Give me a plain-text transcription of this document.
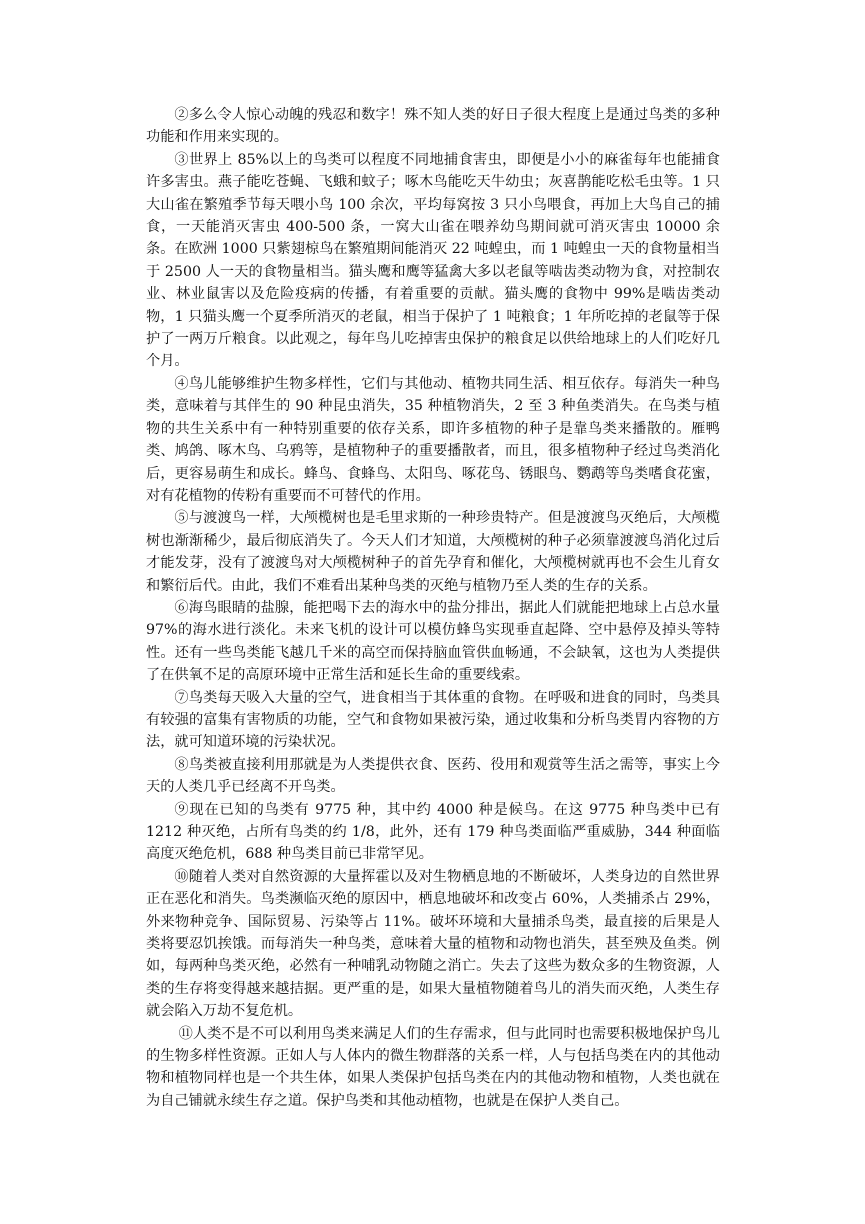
②多么令人惊心动魄的残忍和数字！殊不知人类的好日子很大程度上是通过鸟类的多种功能和作用来实现的。

③世界上 85%以上的鸟类可以程度不同地捕食害虫，即便是小小的麻雀每年也能捕食许多害虫。燕子能吃苍蝇、飞蛾和蚊子；啄木鸟能吃天牛幼虫；灰喜鹊能吃松毛虫等。1 只大山雀在繁殖季节每天喂小鸟 100 余次，平均每窝按 3 只小鸟喂食，再加上大鸟自己的捕食，一天能消灭害虫 400-500 条，一窝大山雀在喂养幼鸟期间就可消灭害虫 10000 余条。在欧洲 1000 只紫翅椋鸟在繁殖期间能消灭 22 吨蝗虫，而 1 吨蝗虫一天的食物量相当于 2500 人一天的食物量相当。猫头鹰和鹰等猛禽大多以老鼠等啮齿类动物为食，对控制农业、林业鼠害以及危险疫病的传播，有着重要的贡献。猫头鹰的食物中 99%是啮齿类动物，1 只猫头鹰一个夏季所消灭的老鼠，相当于保护了 1 吨粮食；1 年所吃掉的老鼠等于保护了一两万斤粮食。以此观之，每年鸟儿吃掉害虫保护的粮食足以供给地球上的人们吃好几个月。

④鸟儿能够维护生物多样性，它们与其他动、植物共同生活、相互依存。每消失一种鸟类，意味着与其伴生的 90 种昆虫消失，35 种植物消失，2 至 3 种鱼类消失。在鸟类与植物的共生关系中有一种特别重要的依存关系，即许多植物的种子是靠鸟类来播散的。雁鸭类、鸠鸽、啄木鸟、乌鸦等，是植物种子的重要播散者，而且，很多植物种子经过鸟类消化后，更容易萌生和成长。蜂鸟、食蜂鸟、太阳鸟、啄花鸟、锈眼鸟、鹦鹉等鸟类嗜食花蜜，对有花植物的传粉有重要而不可替代的作用。

⑤与渡渡鸟一样，大颅榄树也是毛里求斯的一种珍贵特产。但是渡渡鸟灭绝后，大颅榄树也渐渐稀少，最后彻底消失了。今天人们才知道，大颅榄树的种子必须靠渡渡鸟消化过后才能发芽，没有了渡渡鸟对大颅榄树种子的首先孕育和催化，大颅榄树就再也不会生儿育女和繁衍后代。由此，我们不难看出某种鸟类的灭绝与植物乃至人类的生存的关系。

⑥海鸟眼睛的盐腺，能把喝下去的海水中的盐分排出，据此人们就能把地球上占总水量 97%的海水进行淡化。未来飞机的设计可以模仿蜂鸟实现垂直起降、空中悬停及掉头等特性。还有一些鸟类能飞越几千米的高空而保持脑血管供血畅通，不会缺氧，这也为人类提供了在供氧不足的高原环境中正常生活和延长生命的重要线索。

⑦鸟类每天吸入大量的空气，进食相当于其体重的食物。在呼吸和进食的同时，鸟类具有较强的富集有害物质的功能，空气和食物如果被污染，通过收集和分析鸟类胃内容物的方法，就可知道环境的污染状况。

⑧鸟类被直接利用那就是为人类提供衣食、医药、役用和观赏等生活之需等，事实上今天的人类几乎已经离不开鸟类。

⑨现在已知的鸟类有 9775 种，其中约 4000 种是候鸟。在这 9775 种鸟类中已有 1212 种灭绝，占所有鸟类的约 1/8，此外，还有 179 种鸟类面临严重威胁，344 种面临高度灭绝危机，688 种鸟类目前已非常罕见。

⑩随着人类对自然资源的大量挥霍以及对生物栖息地的不断破坏，人类身边的自然世界正在恶化和消失。鸟类濒临灭绝的原因中，栖息地破坏和改变占 60%，人类捕杀占 29%，外来物种竞争、国际贸易、污染等占 11%。破坏环境和大量捕杀鸟类，最直接的后果是人类将要忍饥挨饿。而每消失一种鸟类，意味着大量的植物和动物也消失，甚至殃及鱼类。例如，每两种鸟类灭绝，必然有一种哺乳动物随之消亡。失去了这些为数众多的生物资源，人类的生存将变得越来越拮据。更严重的是，如果大量植物随着鸟儿的消失而灭绝，人类生存就会陷入万劫不复危机。

⑪人类不是不可以利用鸟类来满足人们的生存需求，但与此同时也需要积极地保护鸟儿的生物多样性资源。正如人与人体内的微生物群落的关系一样，人与包括鸟类在内的其他动物和植物同样也是一个共生体，如果人类保护包括鸟类在内的其他动物和植物，人类也就在为自己铺就永续生存之道。保护鸟类和其他动植物，也就是在保护人类自己。
